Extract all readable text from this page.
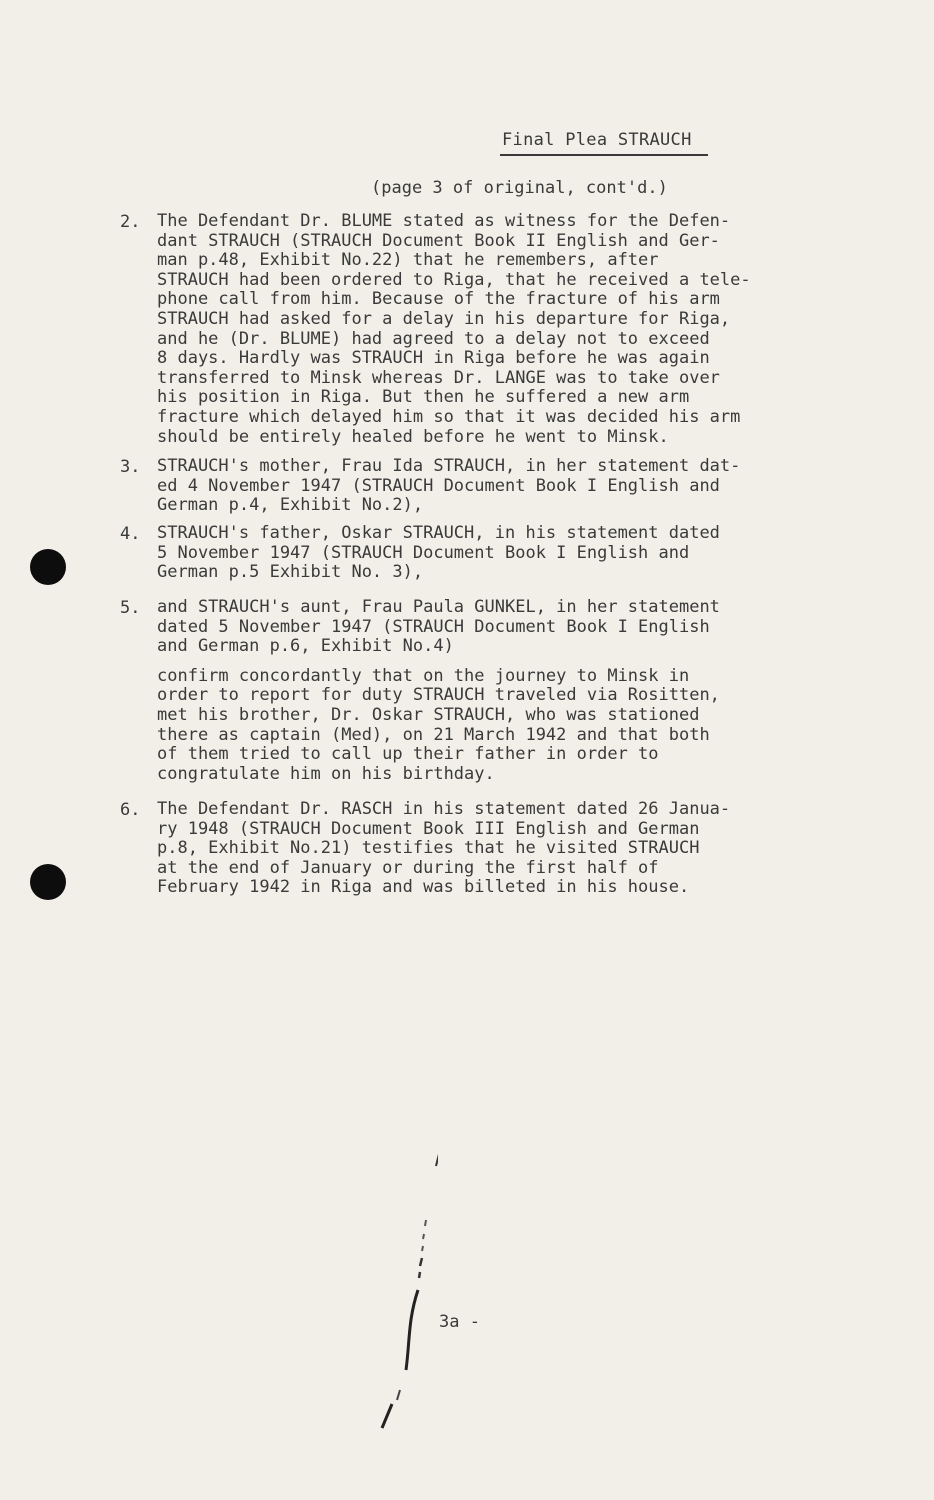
Final Plea STRAUCH
(page 3 of original, cont'd.)
2. The Defendant Dr. BLUME stated as witness for the Defen-
dant STRAUCH (STRAUCH Document Book II English and Ger-
man p.48, Exhibit No.22) that he remembers, after
STRAUCH had been ordered to Riga, that he received a tele-
phone call from him. Because of the fracture of his arm
STRAUCH had asked for a delay in his departure for Riga,
and he (Dr. BLUME) had agreed to a delay not to exceed
8 days. Hardly was STRAUCH in Riga before he was again
transferred to Minsk whereas Dr. LANGE was to take over
his position in Riga. But then he suffered a new arm
fracture which delayed him so that it was decided his arm
should be entirely healed before he went to Minsk.
3. STRAUCH's mother, Frau Ida STRAUCH, in her statement dat-
ed 4 November 1947 (STRAUCH Document Book I English and
German p.4, Exhibit No.2),
4. STRAUCH's father, Oskar STRAUCH, in his statement dated
5 November 1947 (STRAUCH Document Book I English and
German p.5 Exhibit No. 3),
5. and STRAUCH's aunt, Frau Paula GUNKEL, in her statement
dated 5 November 1947 (STRAUCH Document Book I English
and German p.6, Exhibit No.4)
confirm concordantly that on the journey to Minsk in
order to report for duty STRAUCH traveled via Rositten,
met his brother, Dr. Oskar STRAUCH, who was stationed
there as captain (Med), on 21 March 1942 and that both
of them tried to call up their father in order to
congratulate him on his birthday.
6. The Defendant Dr. RASCH in his statement dated 26 Janua-
ry 1948 (STRAUCH Document Book III English and German
p.8, Exhibit No.21) testifies that he visited STRAUCH
at the end of January or during the first half of
February 1942 in Riga and was billeted in his house.
3a -
